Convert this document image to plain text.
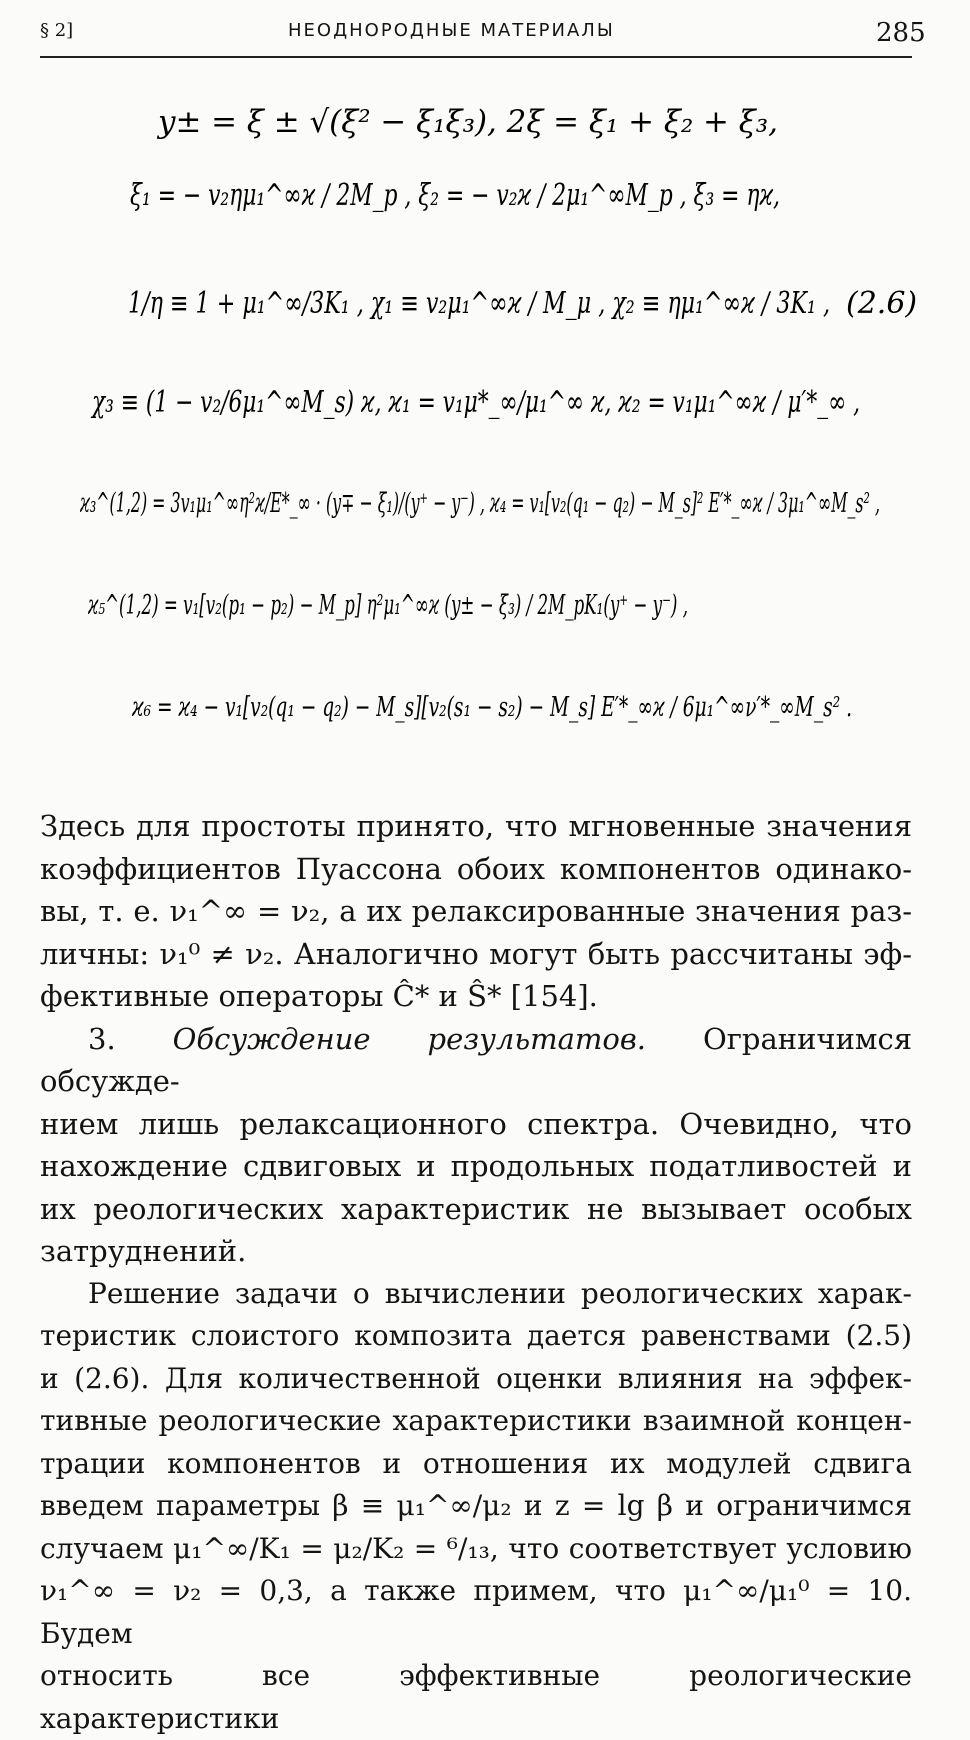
§ 2]	НЕОДНОРОДНЫЕ МАТЕРИАЛЫ	285
y± = ξ ± √(ξ² − ξ₁ξ₃), 2ξ = ξ₁ + ξ₂ + ξ₃,
ξ₁ = − v₂ημ₁^∞ϰ / 2M_p , ξ₂ = − v₂ϰ / 2μ₁^∞M_p , ξ₃ = ηϰ,
1/η ≡ 1 + μ₁^∞/3K₁ , χ₁ ≡ v₂μ₁^∞ϰ / M_μ , χ₂ ≡ ημ₁^∞ϰ / 3K₁ ,
χ₃ ≡ (1 − v₂/6μ₁^∞M_s) ϰ, ϰ₁ = v₁μ*_∞/μ₁^∞ ϰ, ϰ₂ = v₁μ₁^∞ϰ / μ′*_∞ ,
ϰ₃^(1,2) = 3v₁μ₁^∞η²ϰ/E*_∞ · (y∓ − ξ₁)/(y⁺ − y⁻) , ϰ₄ = v₁[v₂(q₁ − q₂) − M_s]² E′*_∞ϰ / 3μ₁^∞M_s² ,
ϰ₅^(1,2) = v₁[v₂(p₁ − p₂) − M_p] η²μ₁^∞ϰ (y± − ξ₃) / 2M_pK₁(y⁺ − y⁻) ,
ϰ₆ = ϰ₄ − v₁[v₂(q₁ − q₂) − M_s][v₂(s₁ − s₂) − M_s] E′*_∞ϰ / 6μ₁^∞ν′*_∞M_s² .
(2.6)

Здесь для простоты принято, что мгновенные значения
коэффициентов Пуассона обоих компонентов одинако-
вы, т. е. ν₁^∞ = ν₂, а их релаксированные значения раз-
личны: ν₁⁰ ≠ ν₂. Аналогично могут быть рассчитаны эф-

фективные операторы Ĉ* и Ŝ* [154].

3. Обсуждение результатов. Ограничимся обсужде-
нием лишь релаксационного спектра. Очевидно, что
нахождение сдвиговых и продольных податливостей и
их реологических характеристик не вызывает особых

затруднений.

Решение задачи о вычислении реологических харак-
теристик слоистого композита дается равенствами (2.5)
и (2.6). Для количественной оценки влияния на эффек-
тивные реологические характеристики взаимной концен-
трации компонентов и отношения их модулей сдвига
введем параметры β ≡ μ₁^∞/μ₂ и z = lg β и ограничимся
случаем μ₁^∞/K₁ = μ₂/K₂ = ⁶/₁₃, что соответствует условию
ν₁^∞ = ν₂ = 0,3, а также примем, что μ₁^∞/μ₁⁰ = 10. Будем

относить все эффективные реологические характеристики
